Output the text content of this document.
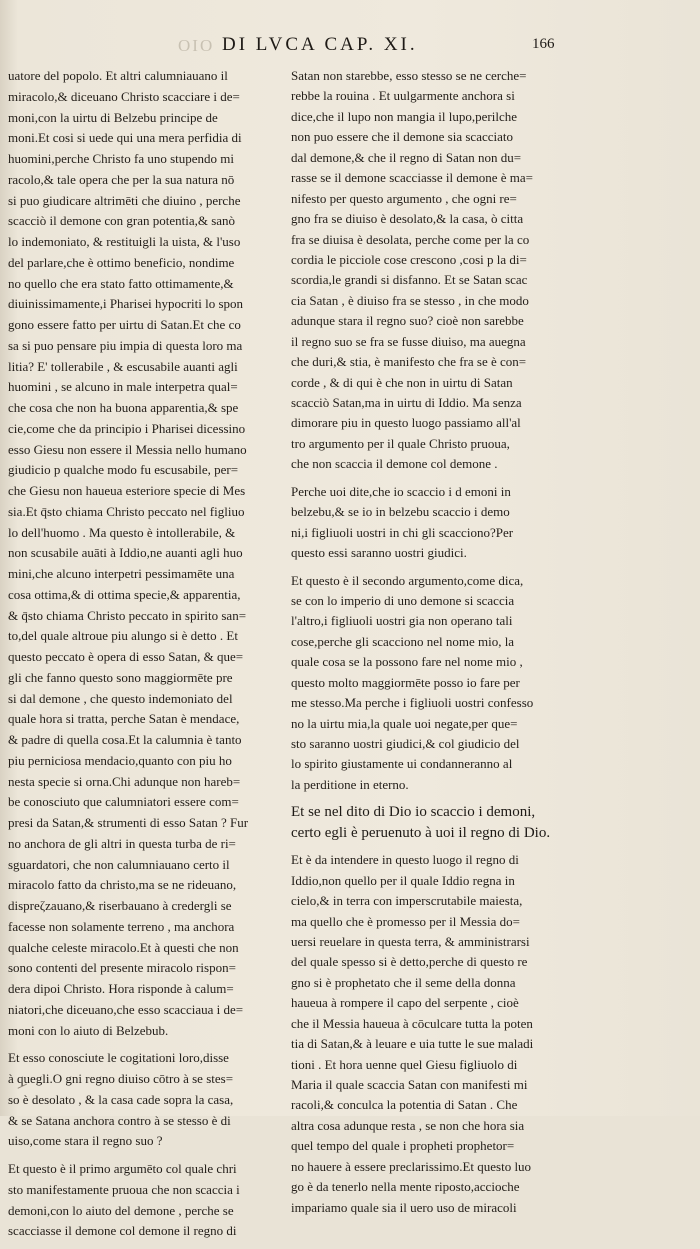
OIO DI LVCA CAP. XI.	166
uatore del popolo. Et altri calumniauano il
miracolo,& diceuano Christo scacciare i de=
moni,con la uirtu di Belzebu principe de
moni.Et cosi si uede qui una mera perfidia di
huomini,perche Christo fa uno stupendo mi
racolo,& tale opera che per la sua natura nō
si puo giudicare altrimēti che diuino , perche
scacciò il demone con gran potentia,& sanò
lo indemoniato, & restituigli la uista, & l'uso
del parlare,che è ottimo beneficio, nondime
no quello che era stato fatto ottimamente,&
diuinissimamente,i Pharisei hypocriti lo spon
gono essere fatto per uirtu di Satan.Et che co
sa si puo pensare piu impia di questa loro ma
litia? E' tollerabile , & escusabile auanti agli
huomini , se alcuno in male interpetra qual=
che cosa che non ha buona apparentia,& spe
cie,come che da principio i Pharisei dicessino
esso Giesu non essere il Messia nello humano
giudicio p qualche modo fu escusabile, per=
che Giesu non haueua esteriore specie di Mes
sia.Et q̄sto chiama Christo peccato nel figliuo
lo dell'huomo . Ma questo è intollerabile, &
non scusabile auāti à Iddio,ne auanti agli huo
mini,che alcuno interpetri pessimamēte una
cosa ottima,& di ottima specie,& apparentia,
& q̄sto chiama Christo peccato in spirito san=
to,del quale altroue piu alungo si è detto . Et
questo peccato è opera di esso Satan, & que=
gli che fanno questo sono maggiormēte pre
si dal demone , che questo indemoniato del
quale hora si tratta, perche Satan è mendace,
& padre di quella cosa.Et la calumnia è tanto
piu perniciosa mendacio,quanto con piu ho
nesta specie si orna.Chi adunque non hareb=
be conosciuto que calumniatori essere com=
presi da Satan,& strumenti di esso Satan ? Fur
no anchora de gli altri in questa turba de ri=
sguardatori, che non calumniauano certo il
miracolo fatto da christo,ma se ne rideuano,
dispreζzauano,& riserbauano à credergli se
facesse non solamente terreno , ma anchora
qualche celeste miracolo.Et à questi che non
sono contenti del presente miracolo rispon=
dera dipoi Christo. Hora risponde à calum=
niatori,che diceuano,che esso scacciaua i de=
moni con lo aiuto di Belzebub.
Et esso conosciute le cogitationi loro,disse
à quegli.O gni regno diuiso cōtro à se stes=
so è desolato , & la casa cade sopra la casa,
& se Satana anchora contro à se stesso è di
uiso,come stara il regno suo ?
Et questo è il primo argumēto col quale chri
sto manifestamente pruoua che non scaccia i
demoni,con lo aiuto del demone , perche se
scacciasse il demone col demone il regno di
Satan non starebbe, esso stesso se ne cerche=
rebbe la rouina . Et uulgarmente anchora si
dice,che il lupo non mangia il lupo,perilche
non puo essere che il demone sia scacciato
dal demone,& che il regno di Satan non du=
rasse se il demone scacciasse il demone è ma=
nifesto per questo argumento , che ogni re=
gno fra se diuiso è desolato,& la casa, ò citta
fra se diuisa è desolata, perche come per la co
cordia le picciole cose crescono ,cosi p la di=
scordia,le grandi si disfanno. Et se Satan scac
cia Satan , è diuiso fra se stesso , in che modo
adunque stara il regno suo? cioè non sarebbe
il regno suo se fra se fusse diuiso, ma auegna
che duri,& stia, è manifesto che fra se è con=
corde , & di qui è che non in uirtu di Satan
scacciò Satan,ma in uirtu di Iddio. Ma senza
dimorare piu in questo luogo passiamo all'al
tro argumento per il quale Christo pruoua,
che non scaccia il demone col demone .
Perche uoi dite,che io scaccio i d emoni in
belzebu,& se io in belzebu scaccio i demo
ni,i figliuoli uostri in chi gli scacciono?Per
questo essi saranno uostri giudici.
Et questo è il secondo argumento,come dica,
se con lo imperio di uno demone si scaccia
l'altro,i figliuoli uostri gia non operano tali
cose,perche gli scacciono nel nome mio, la
quale cosa se la possono fare nel nome mio ,
questo molto maggiormēte posso io fare per
me stesso.Ma perche i figliuoli uostri confesso
no la uirtu mia,la quale uoi negate,per que=
sto saranno uostri giudici,& col giudicio del
lo spirito giustamente ui condanneranno al
la perditione in eterno.
Et se nel dito di Dio io scaccio i demoni,
certo egli è peruenuto à uoi il regno di Dio.
Et è da intendere in questo luogo il regno di
Iddio,non quello per il quale Iddio regna in
cielo,& in terra con imperscrutabile maiesta,
ma quello che è promesso per il Messia do=
uersi reuelare in questa terra, & amministrarsi
del quale spesso si è detto,perche di questo re
gno si è prophetato che il seme della donna
haueua à rompere il capo del serpente , cioè
che il Messia haueua à cōculcare tutta la poten
tia di Satan,& à leuare e uia tutte le sue maladi
tioni . Et hora uenne quel Giesu figliuolo di
Maria il quale scaccia Satan con manifesti mi
racoli,& conculca la potentia di Satan . Che
altra cosa adunque resta , se non che hora sia
quel tempo del quale i propheti prophetor=
no hauere à essere preclarissimo.Et questo luo
go è da tenerlo nella mente riposto,accioche
impariamo quale sia il uero uso de miracoli
